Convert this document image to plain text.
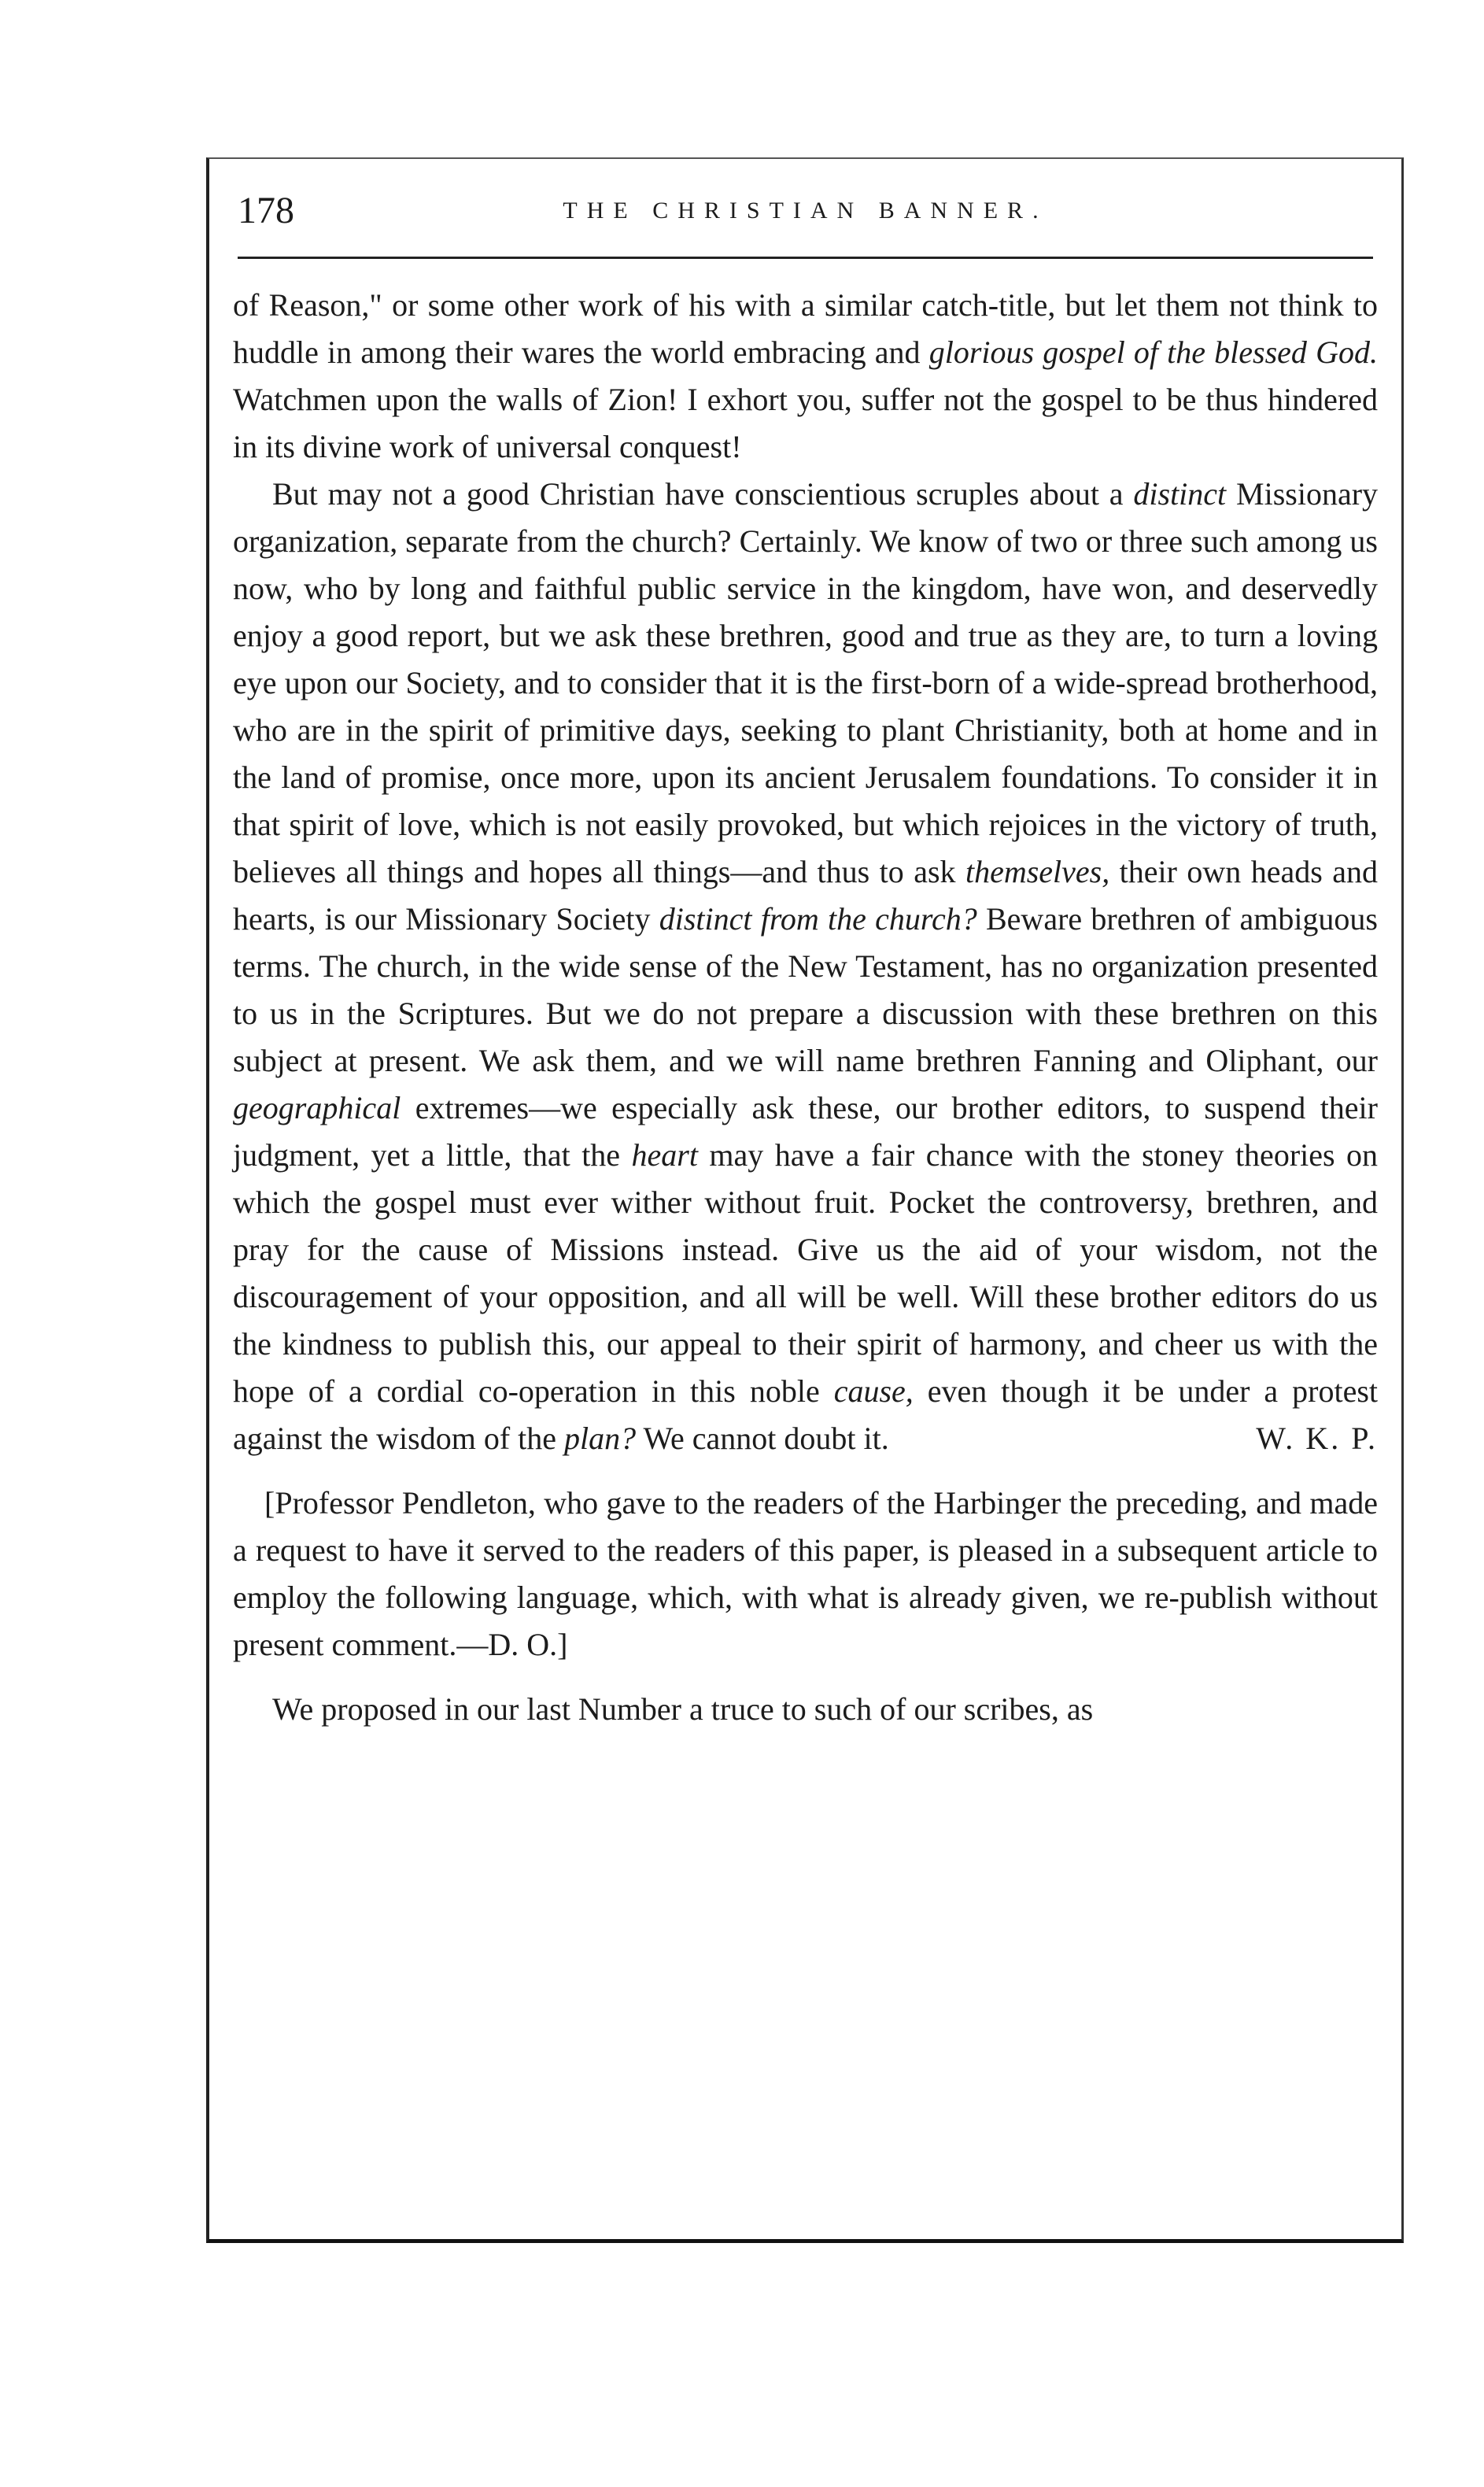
178	THE CHRISTIAN BANNER.

of Reason," or some other work of his with a similar catch-title, but let them not think to huddle in among their wares the world embracing and glorious gospel of the blessed God. Watchmen upon the walls of Zion! I exhort you, suffer not the gospel to be thus hindered in its divine work of universal conquest!

But may not a good Christian have conscientious scruples about a distinct Missionary organization, separate from the church? Certainly. We know of two or three such among us now, who by long and faithful public service in the kingdom, have won, and deservedly enjoy a good report, but we ask these brethren, good and true as they are, to turn a loving eye upon our Society, and to consider that it is the first-born of a wide-spread brotherhood, who are in the spirit of primitive days, seeking to plant Christianity, both at home and in the land of promise, once more, upon its ancient Jerusalem foundations. To consider it in that spirit of love, which is not easily provoked, but which rejoices in the victory of truth, believes all things and hopes all things—and thus to ask themselves, their own heads and hearts, is our Missionary Society distinct from the church? Beware brethren of ambiguous terms. The church, in the wide sense of the New Testament, has no organization presented to us in the Scriptures. But we do not prepare a discussion with these brethren on this subject at present. We ask them, and we will name brethren Fanning and Oliphant, our geographical extremes—we especially ask these, our brother editors, to suspend their judgment, yet a little, that the heart may have a fair chance with the stoney theories on which the gospel must ever wither without fruit. Pocket the controversy, brethren, and pray for the cause of Missions instead. Give us the aid of your wisdom, not the discouragement of your opposition, and all will be well. Will these brother editors do us the kindness to publish this, our appeal to their spirit of harmony, and cheer us with the hope of a cordial co-operation in this noble cause, even though it be under a protest against the wisdom of the plan? We cannot doubt it.	W. K. P.

[Professor Pendleton, who gave to the readers of the Harbinger the preceding, and made a request to have it served to the readers of this paper, is pleased in a subsequent article to employ the following language, which, with what is already given, we re-publish without present comment.—D. O.]

We proposed in our last Number a truce to such of our scribes, as
